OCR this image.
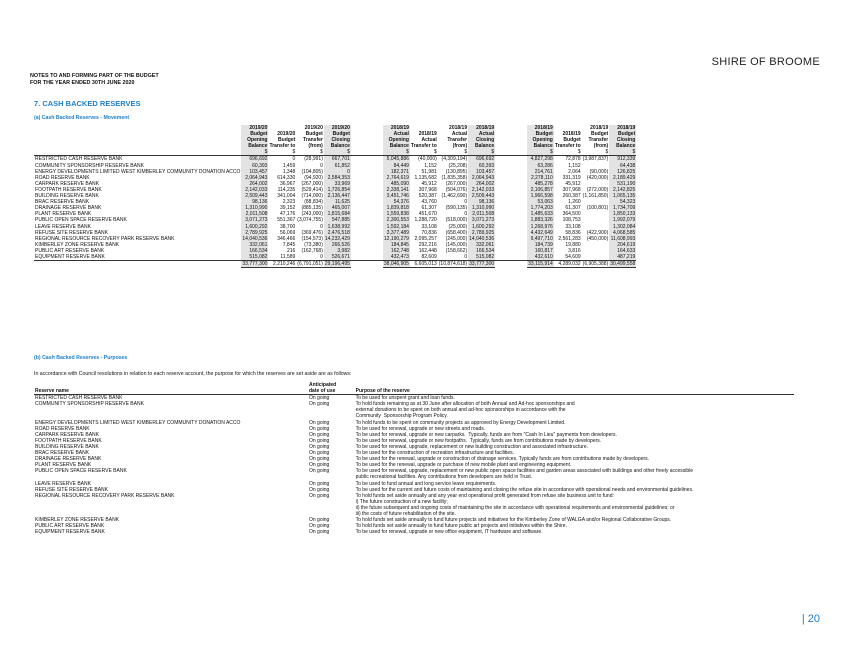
SHIRE OF BROOME
NOTES TO AND FORMING PART OF THE BUDGET
FOR THE YEAR ENDED 30TH JUNE 2020
7. CASH BACKED RESERVES
(a) Cash Backed Reserves - Movement
	2019/20
Budget
Opening
Balance	2019/20
Budget
Transfer to	2019/20
Budget
Transfer
(from)	2019/20
Budget
Closing
Balance		2018/19
Actual
Opening
Balance	2018/19
Actual
Transfer to	2018/19
Actual
Transfer
(from)	2018/19
Actual
Closing
Balance		2018/19
Budget
Opening
Balance	2018/19
Budget
Transfer to	2018/19
Budget
Transfer
(from)	2018/19
Budget
Closing
Balance
	$	$	$	$		$	$	$	$		$	$	$	$
RESTRICTED CASH RESERVE BANK	696,692	0	(28,991)	667,701		5,045,886	(40,000)	(4,309,194)	696,692		4,827,298	72,878	(3,987,837)	912,339
COMMUNITY SPONSORSHIP RESERVE BANK	60,393	1,459	0	61,852		84,449	1,152	(25,208)	60,393		63,286	1,152		64,438
ENERGY DEVELOPMENTS LIMITED WEST KIMBERLEY COMMUNITY DONATION ACCO	103,457	1,348	(104,805)	0		182,371	51,981	(130,895)	103,457		214,761	2,064	(90,000)	126,825
ROAD RESERVE BANK	2,064,943	614,330	(94,920)	2,584,353		2,764,619	1,135,682	(1,835,358)	2,064,943		2,278,110	331,319	(420,000)	2,189,429
CARPARK RESERVE BANK	264,002	36,967	(267,000)	33,969		485,090	45,912	(267,000)	264,002		485,278	45,912		531,190
FOOTPATH RESERVE BANK	2,142,033	114,235	(529,414)	1,726,854		2,338,141	307,968	(504,076)	2,142,033		2,106,857	307,968	(272,000)	2,142,825
BUILDING RESERVE BANK	2,509,443	341,004	(714,000)	2,136,447		3,451,746	520,387	(1,462,690)	2,509,443		1,966,598	260,387	(1,161,850)	1,065,135
BRAC RESERVE BANK	98,136	2,323	(88,834)	11,625		54,376	43,760	0	98,136		53,063	1,260		54,323
DRAINAGE RESERVE BANK	1,310,990	39,152	(885,135)	465,007		1,839,818	61,307	(590,135)	1,310,990		1,774,203	61,307	(100,801)	1,734,709
PLANT RESERVE BANK	2,011,508	47,176	(243,000)	1,815,684		1,559,838	451,670	0	2,011,508		1,485,633	364,500		1,850,133
PUBLIC OPEN SPACE RESERVE BANK	3,071,273	551,367	(3,074,755)	547,885		2,300,553	1,288,720	(518,000)	3,071,273		1,883,326	108,753		1,992,079
LEAVE RESERVE BANK	1,600,292	38,700	0	1,638,992		1,592,184	33,108	(25,000)	1,600,292		1,268,976	33,108		1,302,084
REFUSE SITE RESERVE BANK	2,789,925	56,069	(369,476)	2,476,518		3,377,489	70,836	(658,400)	2,789,925		4,432,649	58,836	(422,900)	4,068,585
REGIONAL RESOURCE RECOVERY PARK RESERVE BANK	14,040,536	346,466	(154,573)	14,232,429		12,190,279	2,095,257	(245,000)	14,040,536		9,497,710	2,561,283	(450,000)	11,608,993
KIMBERLEY ZONE RESERVE BANK	332,061	7,845	(73,380)	266,526		184,845	292,216	(145,000)	332,061		184,739	19,880		204,619
PUBLIC ART RESERVE BANK	166,534	216	(162,768)	3,982		162,748	162,448	(158,662)	166,534		160,817	3,816		164,633
EQUIPMENT RESERVE BANK	515,082	11,589	0	526,671		432,473	82,609	0	515,082		432,610	54,609		487,219
	33,777,300	2,210,246	(6,791,051)	29,196,495		38,046,905	6,605,013	(10,874,618)	33,777,300		33,115,914	4,289,032	(6,905,388)	30,499,558
(b) Cash Backed Reserves - Purposes
In accordance with Council resolutions in relation to each reserve account, the purpose for which the reserves are set aside are as follows:
Reserve name	Anticipated
date of use	Purpose of the reserve
RESTRICTED CASH RESERVE BANK	On going	To be used for unspent grant and loan funds.
COMMUNITY SPONSORSHIP RESERVE BANK	On going	To hold funds remaining as at 30 June after allocation of both Annual and Ad-hoc sponsorships and
external donations to be spent on both annual and ad-hoc sponsorships in accordance with the
Community  Sponsorship Program Policy.
ENERGY DEVELOPMENTS LIMITED WEST KIMBERLEY COMMUNITY DONATION ACCO	On going	To hold funds to be spent on community projects as approved by Energy Development Limited.
ROAD RESERVE BANK	On going	To be used for renewal, upgrade or new streets and roads.
CARPARK RESERVE BANK	On going	To be used for renewal, upgrade or new carparks.  Typically, funds are from "Cash In Lieu" payments from developers.
FOOTPATH RESERVE BANK	On going	To be used for renewal, upgrade or new footpaths.  Typically, funds are from contributions made by developers.
BUILDING RESERVE BANK	On going	To be used for renewal, upgrade, replacement or new building construction and associated infrastructure.
BRAC RESERVE BANK	On going	To be used for the construction of recreation infrastructure and facilities.
DRAINAGE RESERVE BANK	On going	To be used for the renewal, upgrade or construction of drainage services. Typically funds are from contributions made by developers.
PLANT RESERVE BANK	On going	To be used for the renewal, upgrade or purchase of new mobile plant and engineering equipment.
PUBLIC OPEN SPACE RESERVE BANK	On going	To be used for renewal, upgrade, replacement or new public open space facilities and garden areas associated with buildings and other freely accessible
public recreational facilities. Any contributions from developers are held in Trust.
LEAVE RESERVE BANK	On going	To be used to fund annual and long service leave requirements.
REFUSE SITE RESERVE BANK	On going	To be used for the current and future costs of maintaining and closing the refuse site in accordance with operational needs and environmental guidelines.
REGIONAL RESOURCE RECOVERY PARK RESERVE BANK	On going	To hold funds set aside annually and any year end operational profit generated from refuse site business unit to fund:
i) The future construction of a new facility;
ii) the future subsequent and ongoing costs of maintaining the site in accordance with operational requirements and environmental guidelines; or
iii) the costs of future rehabilitation of the site.
KIMBERLEY ZONE RESERVE BANK	On going	To hold funds set aside annually to fund future projects and initiatives for the Kimberley Zone of WALGA and/or Regional Collaborative Groups.
PUBLIC ART RESERVE BANK	On going	To hold funds set aside annually to fund future public art projects and initiatives within the Shire.
EQUIPMENT RESERVE BANK	On going	To be used for renewal, upgrade or new office equipment, IT hardware and software.
| 20
